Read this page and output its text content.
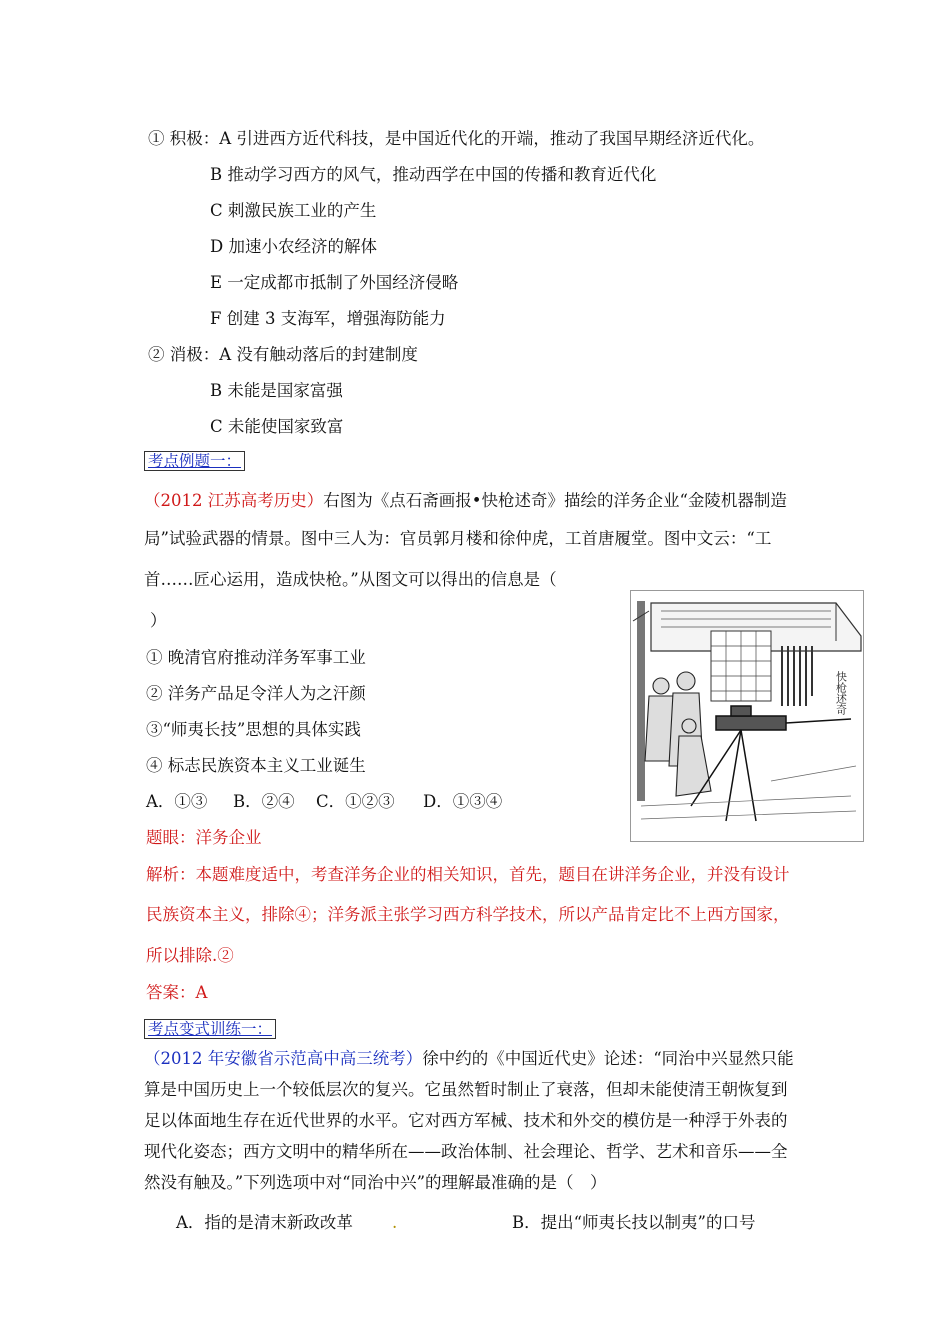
① 积极：A 引进西方近代科技，是中国近代化的开端，推动了我国早期经济近代化。
B 推动学习西方的风气，推动西学在中国的传播和教育近代化
C 刺激民族工业的产生
D 加速小农经济的解体
E 一定成都市抵制了外国经济侵略
F 创建 3 支海军，增强海防能力
② 消极：A 没有触动落后的封建制度
B 未能是国家富强
C 未能使国家致富
考点例题一：
（2012 江苏高考历史）右图为《点石斋画报•快枪述奇》描绘的洋务企业“金陵机器制造
局”试验武器的情景。图中三人为：官员郭月楼和徐仲虎，工首唐履堂。图中文云：“工
首……匠心运用，造成快枪。”从图文可以得出的信息是（
）
① 晚清官府推动洋务军事工业
② 洋务产品足令洋人为之汗颜
③“师夷长技”思想的具体实践
④ 标志民族资本主义工业诞生
A．①③ B．②④ C．①②③ D．①③④
快枪述奇
题眼：洋务企业
解析：本题难度适中，考查洋务企业的相关知识，首先，题目在讲洋务企业，并没有设计
民族资本主义，排除④；洋务派主张学习西方科学技术，所以产品肯定比不上西方国家，
所以排除.②
答案：A
考点变式训练一：
（2012 年安徽省示范高中高三统考）徐中约的《中国近代史》论述：“同治中兴显然只能
算是中国历史上一个较低层次的复兴。它虽然暂时制止了衰落，但却未能使清王朝恢复到
足以体面地生存在近代世界的水平。它对西方军械、技术和外交的模仿是一种浮于外表的
现代化姿态；西方文明中的精华所在——政治体制、社会理论、哲学、艺术和音乐——全
然没有触及。”下列选项中对“同治中兴”的理解最准确的是（　）
A．指的是清末新政改革 .	B．提出“师夷长技以制夷”的口号
